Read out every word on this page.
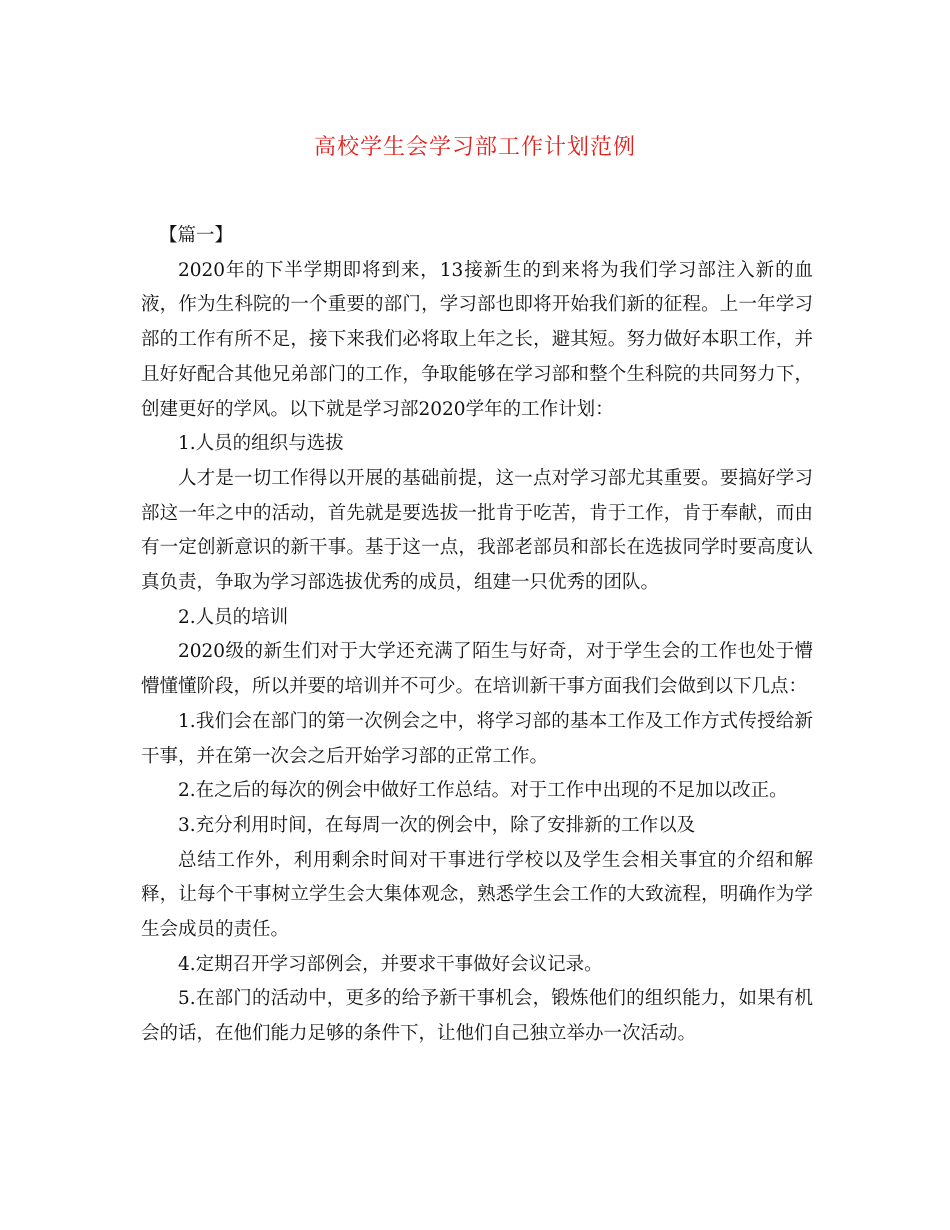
高校学生会学习部工作计划范例

【篇一】

2020年的下半学期即将到来，13接新生的到来将为我们学习部注入新的血液，作为生科院的一个重要的部门，学习部也即将开始我们新的征程。上一年学习部的工作有所不足，接下来我们必将取上年之长，避其短。努力做好本职工作，并且好好配合其他兄弟部门的工作，争取能够在学习部和整个生科院的共同努力下，创建更好的学风。以下就是学习部2020学年的工作计划：

1.人员的组织与选拔

人才是一切工作得以开展的基础前提，这一点对学习部尤其重要。要搞好学习部这一年之中的活动，首先就是要选拔一批肯于吃苦，肯于工作，肯于奉献，而由有一定创新意识的新干事。基于这一点，我部老部员和部长在选拔同学时要高度认真负责，争取为学习部选拔优秀的成员，组建一只优秀的团队。

2.人员的培训

2020级的新生们对于大学还充满了陌生与好奇，对于学生会的工作也处于懵懵懂懂阶段，所以并要的培训并不可少。在培训新干事方面我们会做到以下几点：

1.我们会在部门的第一次例会之中，将学习部的基本工作及工作方式传授给新干事，并在第一次会之后开始学习部的正常工作。

2.在之后的每次的例会中做好工作总结。对于工作中出现的不足加以改正。

3.充分利用时间，在每周一次的例会中，除了安排新的工作以及

总结工作外，利用剩余时间对干事进行学校以及学生会相关事宜的介绍和解释，让每个干事树立学生会大集体观念，熟悉学生会工作的大致流程，明确作为学生会成员的责任。

4.定期召开学习部例会，并要求干事做好会议记录。

5.在部门的活动中，更多的给予新干事机会，锻炼他们的组织能力，如果有机会的话，在他们能力足够的条件下，让他们自己独立举办一次活动。
